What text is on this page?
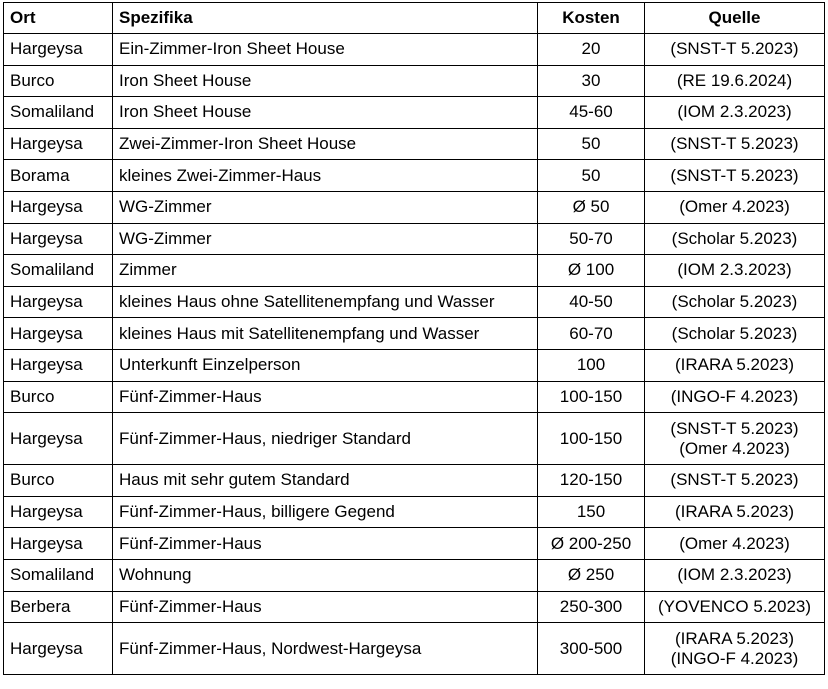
Ort	Spezifika	Kosten	Quelle
Hargeysa	Ein-Zimmer-Iron Sheet House	20	(SNST-T 5.2023)

Burco	Iron Sheet House	30	(RE 19.6.2024)

Somaliland	Iron Sheet House	45-60	(IOM 2.3.2023)

Hargeysa	Zwei-Zimmer-Iron Sheet House	50	(SNST-T 5.2023)

Borama	kleines Zwei-Zimmer-Haus	50	(SNST-T 5.2023)

Hargeysa	WG-Zimmer	Ø 50	(Omer 4.2023)

Hargeysa	WG-Zimmer	50-70	(Scholar 5.2023)

Somaliland	Zimmer	Ø 100	(IOM 2.3.2023)

Hargeysa	kleines Haus ohne Satellitenempfang und Wasser	40-50	(Scholar 5.2023)

Hargeysa	kleines Haus mit Satellitenempfang und Wasser	60-70	(Scholar 5.2023)

Hargeysa	Unterkunft Einzelperson	100	(IRARA 5.2023)

Burco	Fünf-Zimmer-Haus	100-150	(INGO-F 4.2023)

Hargeysa	Fünf-Zimmer-Haus, niedriger Standard	100-150	(SNST-T 5.2023)
(Omer 4.2023)

Burco	Haus mit sehr gutem Standard	120-150	(SNST-T 5.2023)

Hargeysa	Fünf-Zimmer-Haus, billigere Gegend	150	(IRARA 5.2023)

Hargeysa	Fünf-Zimmer-Haus	Ø 200-250	(Omer 4.2023)

Somaliland	Wohnung	Ø 250	(IOM 2.3.2023)

Berbera	Fünf-Zimmer-Haus	250-300	(YOVENCO 5.2023)

Hargeysa	Fünf-Zimmer-Haus, Nordwest-Hargeysa	300-500	(IRARA 5.2023)
(INGO-F 4.2023)
